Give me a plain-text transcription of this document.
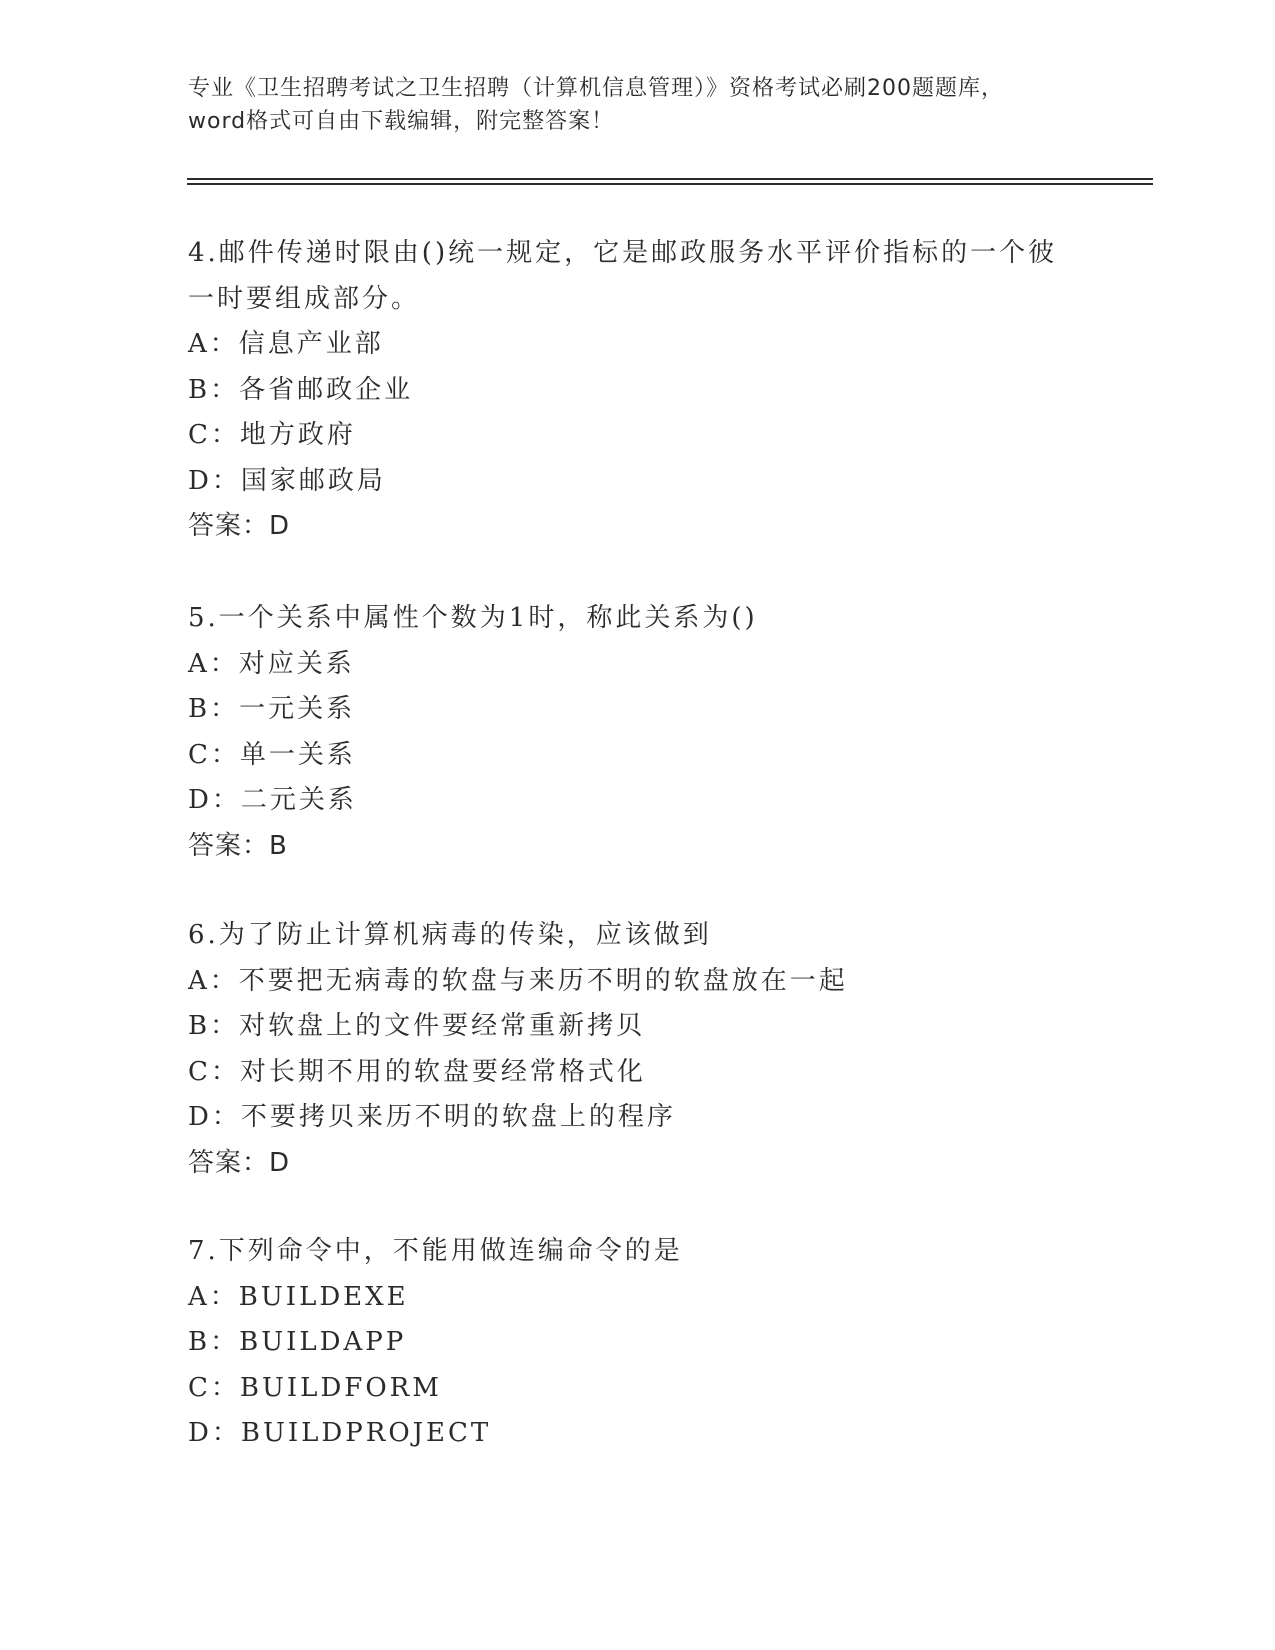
专业《卫生招聘考试之卫生招聘（计算机信息管理）》资格考试必刷200题题库，
word格式可自由下载编辑，附完整答案！
4.邮件传递时限由()统一规定，它是邮政服务水平评价指标的一个彼
一时要组成部分。
A：信息产业部
B：各省邮政企业
C：地方政府
D：国家邮政局
答案：D
5.一个关系中属性个数为1时，称此关系为()
A：对应关系
B：一元关系
C：单一关系
D：二元关系
答案：B
6.为了防止计算机病毒的传染，应该做到
A：不要把无病毒的软盘与来历不明的软盘放在一起
B：对软盘上的文件要经常重新拷贝
C：对长期不用的软盘要经常格式化
D：不要拷贝来历不明的软盘上的程序
答案：D
7.下列命令中，不能用做连编命令的是
A：BUILDEXE
B：BUILDAPP
C：BUILDFORM
D：BUILDPROJECT
